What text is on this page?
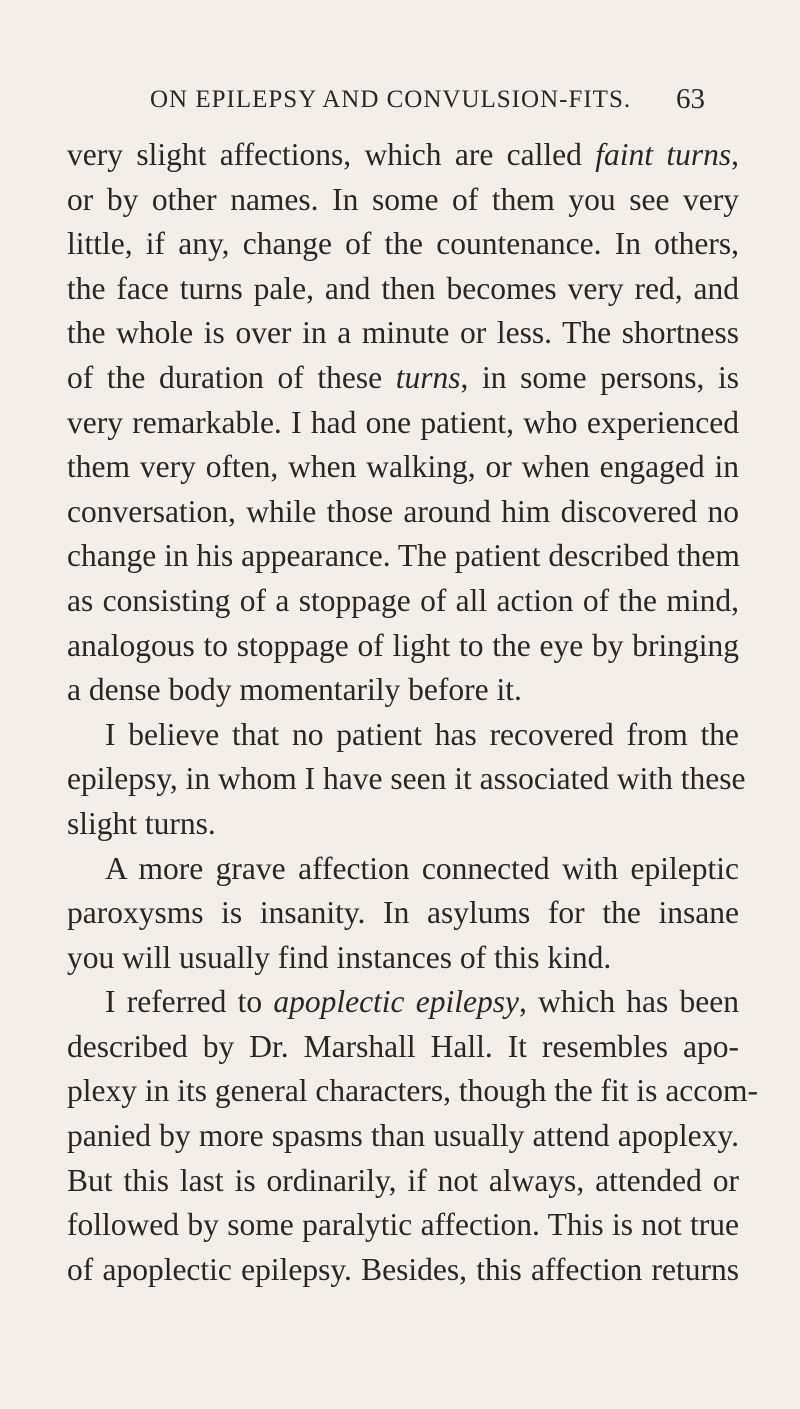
ON EPILEPSY AND CONVULSION-FITS. 63
very slight affections, which are called faint turns,
or by other names. In some of them you see very
little, if any, change of the countenance. In others,
the face turns pale, and then becomes very red, and
the whole is over in a minute or less. The shortness
of the duration of these turns, in some persons, is
very remarkable. I had one patient, who experienced
them very often, when walking, or when engaged in
conversation, while those around him discovered no
change in his appearance. The patient described them
as consisting of a stoppage of all action of the mind,
analogous to stoppage of light to the eye by bringing
a dense body momentarily before it.
I believe that no patient has recovered from the
epilepsy, in whom I have seen it associated with these
slight turns.
A more grave affection connected with epileptic
paroxysms is insanity. In asylums for the insane
you will usually find instances of this kind.
I referred to apoplectic epilepsy, which has been
described by Dr. Marshall Hall. It resembles apo-
plexy in its general characters, though the fit is accom-
panied by more spasms than usually attend apoplexy.
But this last is ordinarily, if not always, attended or
followed by some paralytic affection. This is not true
of apoplectic epilepsy. Besides, this affection returns
